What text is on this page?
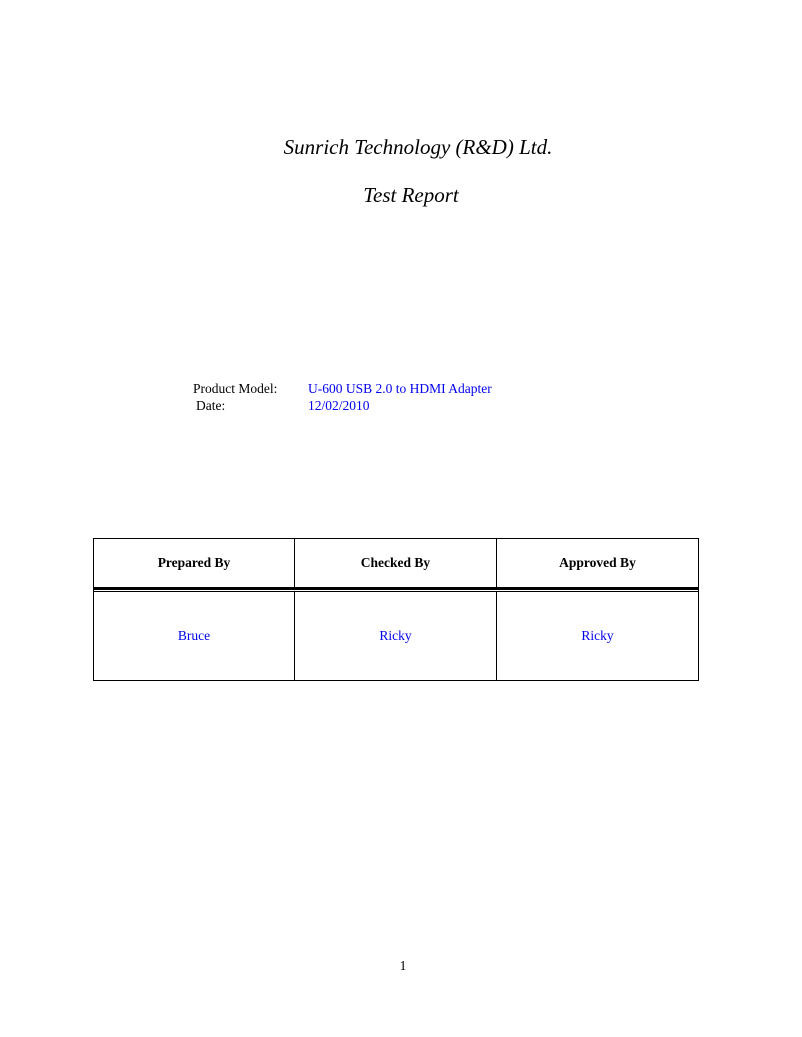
Sunrich Technology (R&D) Ltd.
Test Report
Product Model: U-600 USB 2.0 to HDMI Adapter
Date:	12/02/2010
Prepared By	Checked By	Approved By
Bruce	Ricky	Ricky
1
